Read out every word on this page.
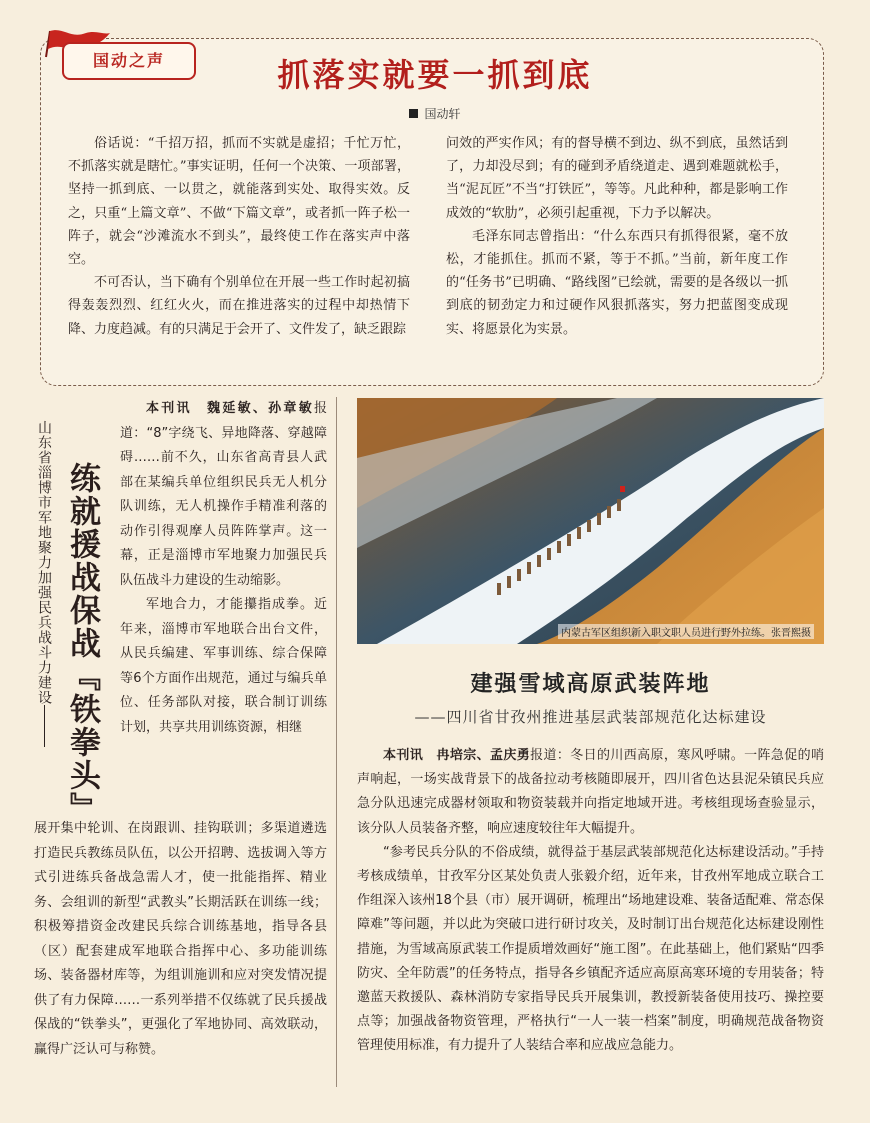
国动之声	抓落实就要一抓到底
国动轩

俗话说：“千招万招，抓而不实就是虚招；千忙万忙，不抓落实就是瞎忙。”事实证明，任何一个决策、一项部署，坚持一抓到底、一以贯之，就能落到实处、取得实效。反之，只重“上篇文章”、不做“下篇文章”，或者抓一阵子松一阵子，就会“沙滩流水不到头”，最终使工作在落实声中落空。

不可否认，当下确有个别单位在开展一些工作时起初搞得轰轰烈烈、红红火火，而在推进落实的过程中却热情下降、力度趋减。有的只满足于会开了、文件发了，缺乏跟踪

问效的严实作风；有的督导横不到边、纵不到底，虽然话到了，力却没尽到；有的碰到矛盾绕道走、遇到难题就松手，当“泥瓦匠”不当“打铁匠”，等等。凡此种种，都是影响工作成效的“软肋”，必须引起重视，下力予以解决。

毛泽东同志曾指出：“什么东西只有抓得很紧，毫不放松，才能抓住。抓而不紧，等于不抓。”当前，新年度工作的“任务书”已明确、“路线图”已绘就，需要的是各级以一抓到底的韧劲定力和过硬作风狠抓落实，努力把蓝图变成现实、将愿景化为实景。

山东省淄博市军地聚力加强民兵战斗力建设 练就援战保战『铁拳头』

本刊讯　魏延敏、孙章敏报道：“8”字绕飞、异地降落、穿越障碍……前不久，山东省高青县人武部在某编兵单位组织民兵无人机分队训练，无人机操作手精准利落的动作引得观摩人员阵阵掌声。这一幕，正是淄博市军地聚力加强民兵队伍战斗力建设的生动缩影。

军地合力，才能攥指成拳。近年来，淄博市军地联合出台文件，从民兵编建、军事训练、综合保障等6个方面作出规范，通过与编兵单位、任务部队对接，联合制订训练计划，共享共用训练资源，相继

展开集中轮训、在岗跟训、挂钩联训；多渠道遴选打造民兵教练员队伍，以公开招聘、选拔调入等方式引进练兵备战急需人才，使一批能指挥、精业务、会组训的新型“武教头”长期活跃在训练一线；积极筹措资金改建民兵综合训练基地，指导各县（区）配套建成军地联合指挥中心、多功能训练场、装备器材库等，为组训施训和应对突发情况提供了有力保障……一系列举措不仅练就了民兵援战保战的“铁拳头”，更强化了军地协同、高效联动，赢得广泛认可与称赞。

内蒙古军区组织新入职文职人员进行野外拉练。张晋熙摄
建强雪域高原武装阵地
——四川省甘孜州推进基层武装部规范化达标建设

本刊讯　冉培宗、孟庆勇报道：冬日的川西高原，寒风呼啸。一阵急促的哨声响起，一场实战背景下的战备拉动考核随即展开，四川省色达县泥朵镇民兵应急分队迅速完成器材领取和物资装载并向指定地域开进。考核组现场查验显示，该分队人员装备齐整，响应速度较往年大幅提升。

“参考民兵分队的不俗成绩，就得益于基层武装部规范化达标建设活动。”手持考核成绩单，甘孜军分区某处负责人张毅介绍，近年来，甘孜州军地成立联合工作组深入该州18个县（市）展开调研，梳理出“场地建设难、装备适配难、常态保障难”等问题，并以此为突破口进行研讨攻关，及时制订出台规范化达标建设刚性措施，为雪域高原武装工作提质增效画好“施工图”。在此基础上，他们紧贴“四季防灾、全年防震”的任务特点，指导各乡镇配齐适应高原高寒环境的专用装备；特邀蓝天救援队、森林消防专家指导民兵开展集训，教授新装备使用技巧、操控要点等；加强战备物资管理，严格执行“一人一装一档案”制度，明确规范战备物资管理使用标准，有力提升了人装结合率和应战应急能力。
